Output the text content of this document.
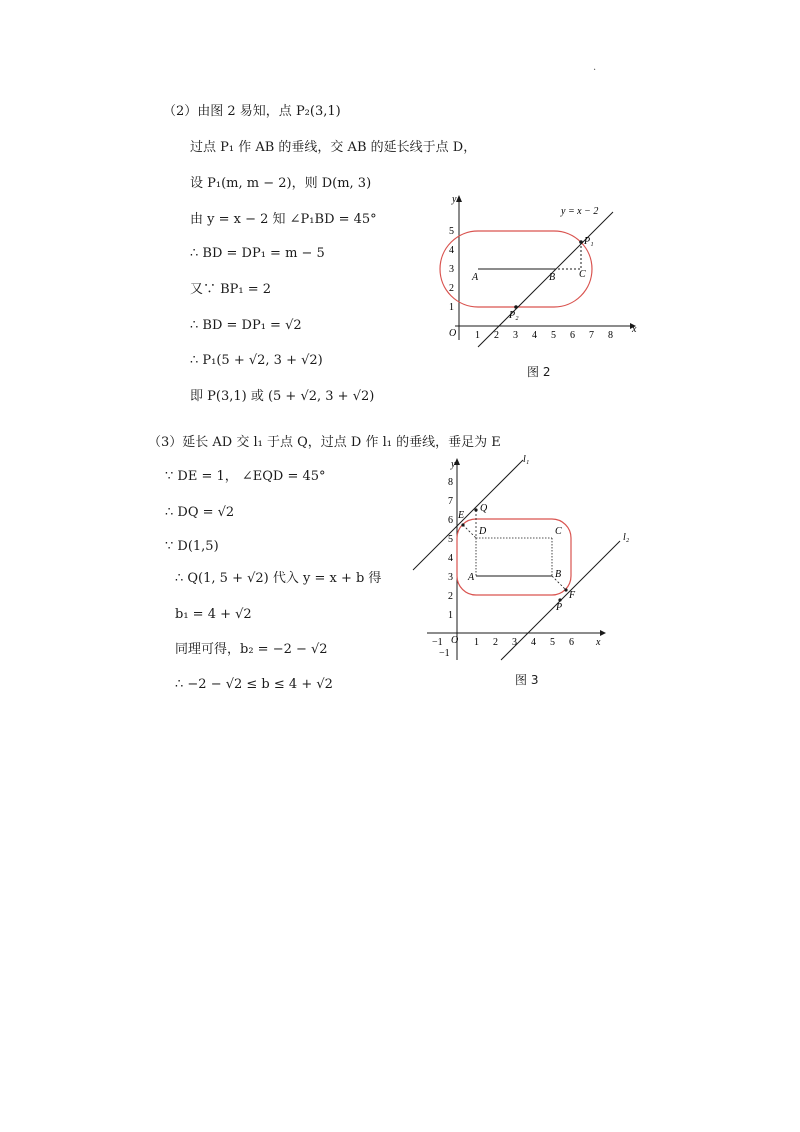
.
（2）由图 2 易知，点 P₂(3,1)
过点 P₁ 作 AB 的垂线，交 AB 的延长线于点 D，
设 P₁(m, m − 2)，则 D(m, 3)
由 y = x − 2 知 ∠P₁BD = 45°
∴ BD = DP₁ = m − 5
又∵ BP₁ = 2
∴ BD = DP₁ = √2
∴ P₁(5 + √2, 3 + √2)
即 P(3,1) 或 (5 + √2, 3 + √2)
x
y
O 1 2 3 4 5 6 7 8
1
2
3
4
5
y = x − 2
A	B C
P₁
P₂
图 2
（3）延长 AD 交 l₁ 于点 Q，过点 D 作 l₁ 的垂线，垂足为 E
∵ DE = 1， ∠EQD = 45°
∴ DQ = √2
∵ D(1,5)
∴ Q(1, 5 + √2) 代入 y = x + b 得
b₁ = 4 + √2
同理可得，b₂ = −2 − √2
∴ −2 − √2 ≤ b ≤ 4 + √2
x
y
O
−1	1 2 3 4 5 6
−1
1
2
3
4
5
6
7
8
l₁
l₂
A	B
C
D
E
Q
F
P
图 3
